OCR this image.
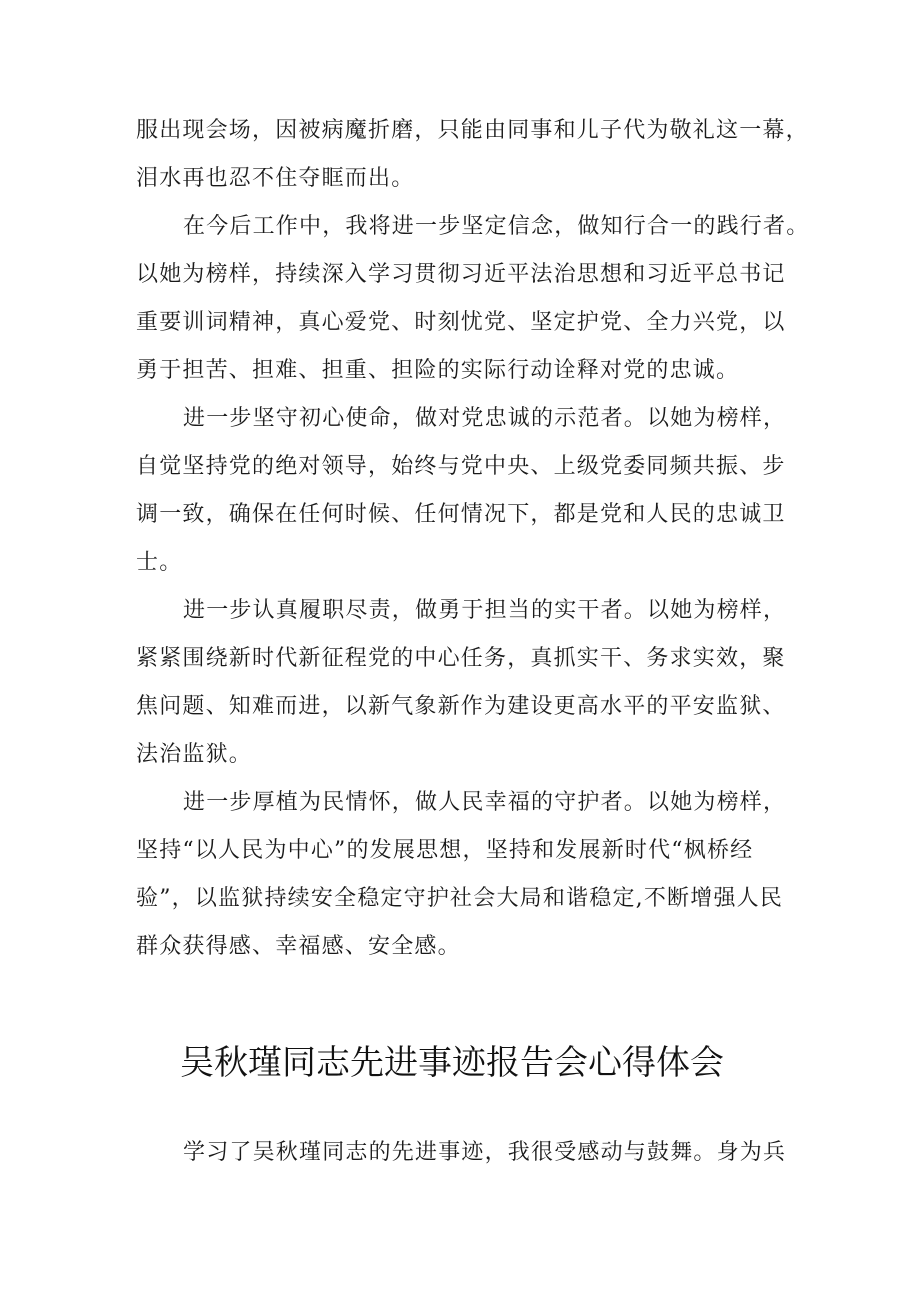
服出现会场，因被病魔折磨，只能由同事和儿子代为敬礼这一幕，
泪水再也忍不住夺眶而出。
在今后工作中，我将进一步坚定信念，做知行合一的践行者。
以她为榜样，持续深入学习贯彻习近平法治思想和习近平总书记
重要训词精神，真心爱党、时刻忧党、坚定护党、全力兴党，以
勇于担苦、担难、担重、担险的实际行动诠释对党的忠诚。
进一步坚守初心使命，做对党忠诚的示范者。以她为榜样，
自觉坚持党的绝对领导，始终与党中央、上级党委同频共振、步
调一致，确保在任何时候、任何情况下，都是党和人民的忠诚卫
士。
进一步认真履职尽责，做勇于担当的实干者。以她为榜样，
紧紧围绕新时代新征程党的中心任务，真抓实干、务求实效，聚
焦问题、知难而进，以新气象新作为建设更高水平的平安监狱、
法治监狱。
进一步厚植为民情怀，做人民幸福的守护者。以她为榜样，
坚持“以人民为中心”的发展思想，坚持和发展新时代“枫桥经
验”，以监狱持续安全稳定守护社会大局和谐稳定,不断增强人民
群众获得感、幸福感、安全感。
吴秋瑾同志先进事迹报告会心得体会
学习了吴秋瑾同志的先进事迹，我很受感动与鼓舞。身为兵
